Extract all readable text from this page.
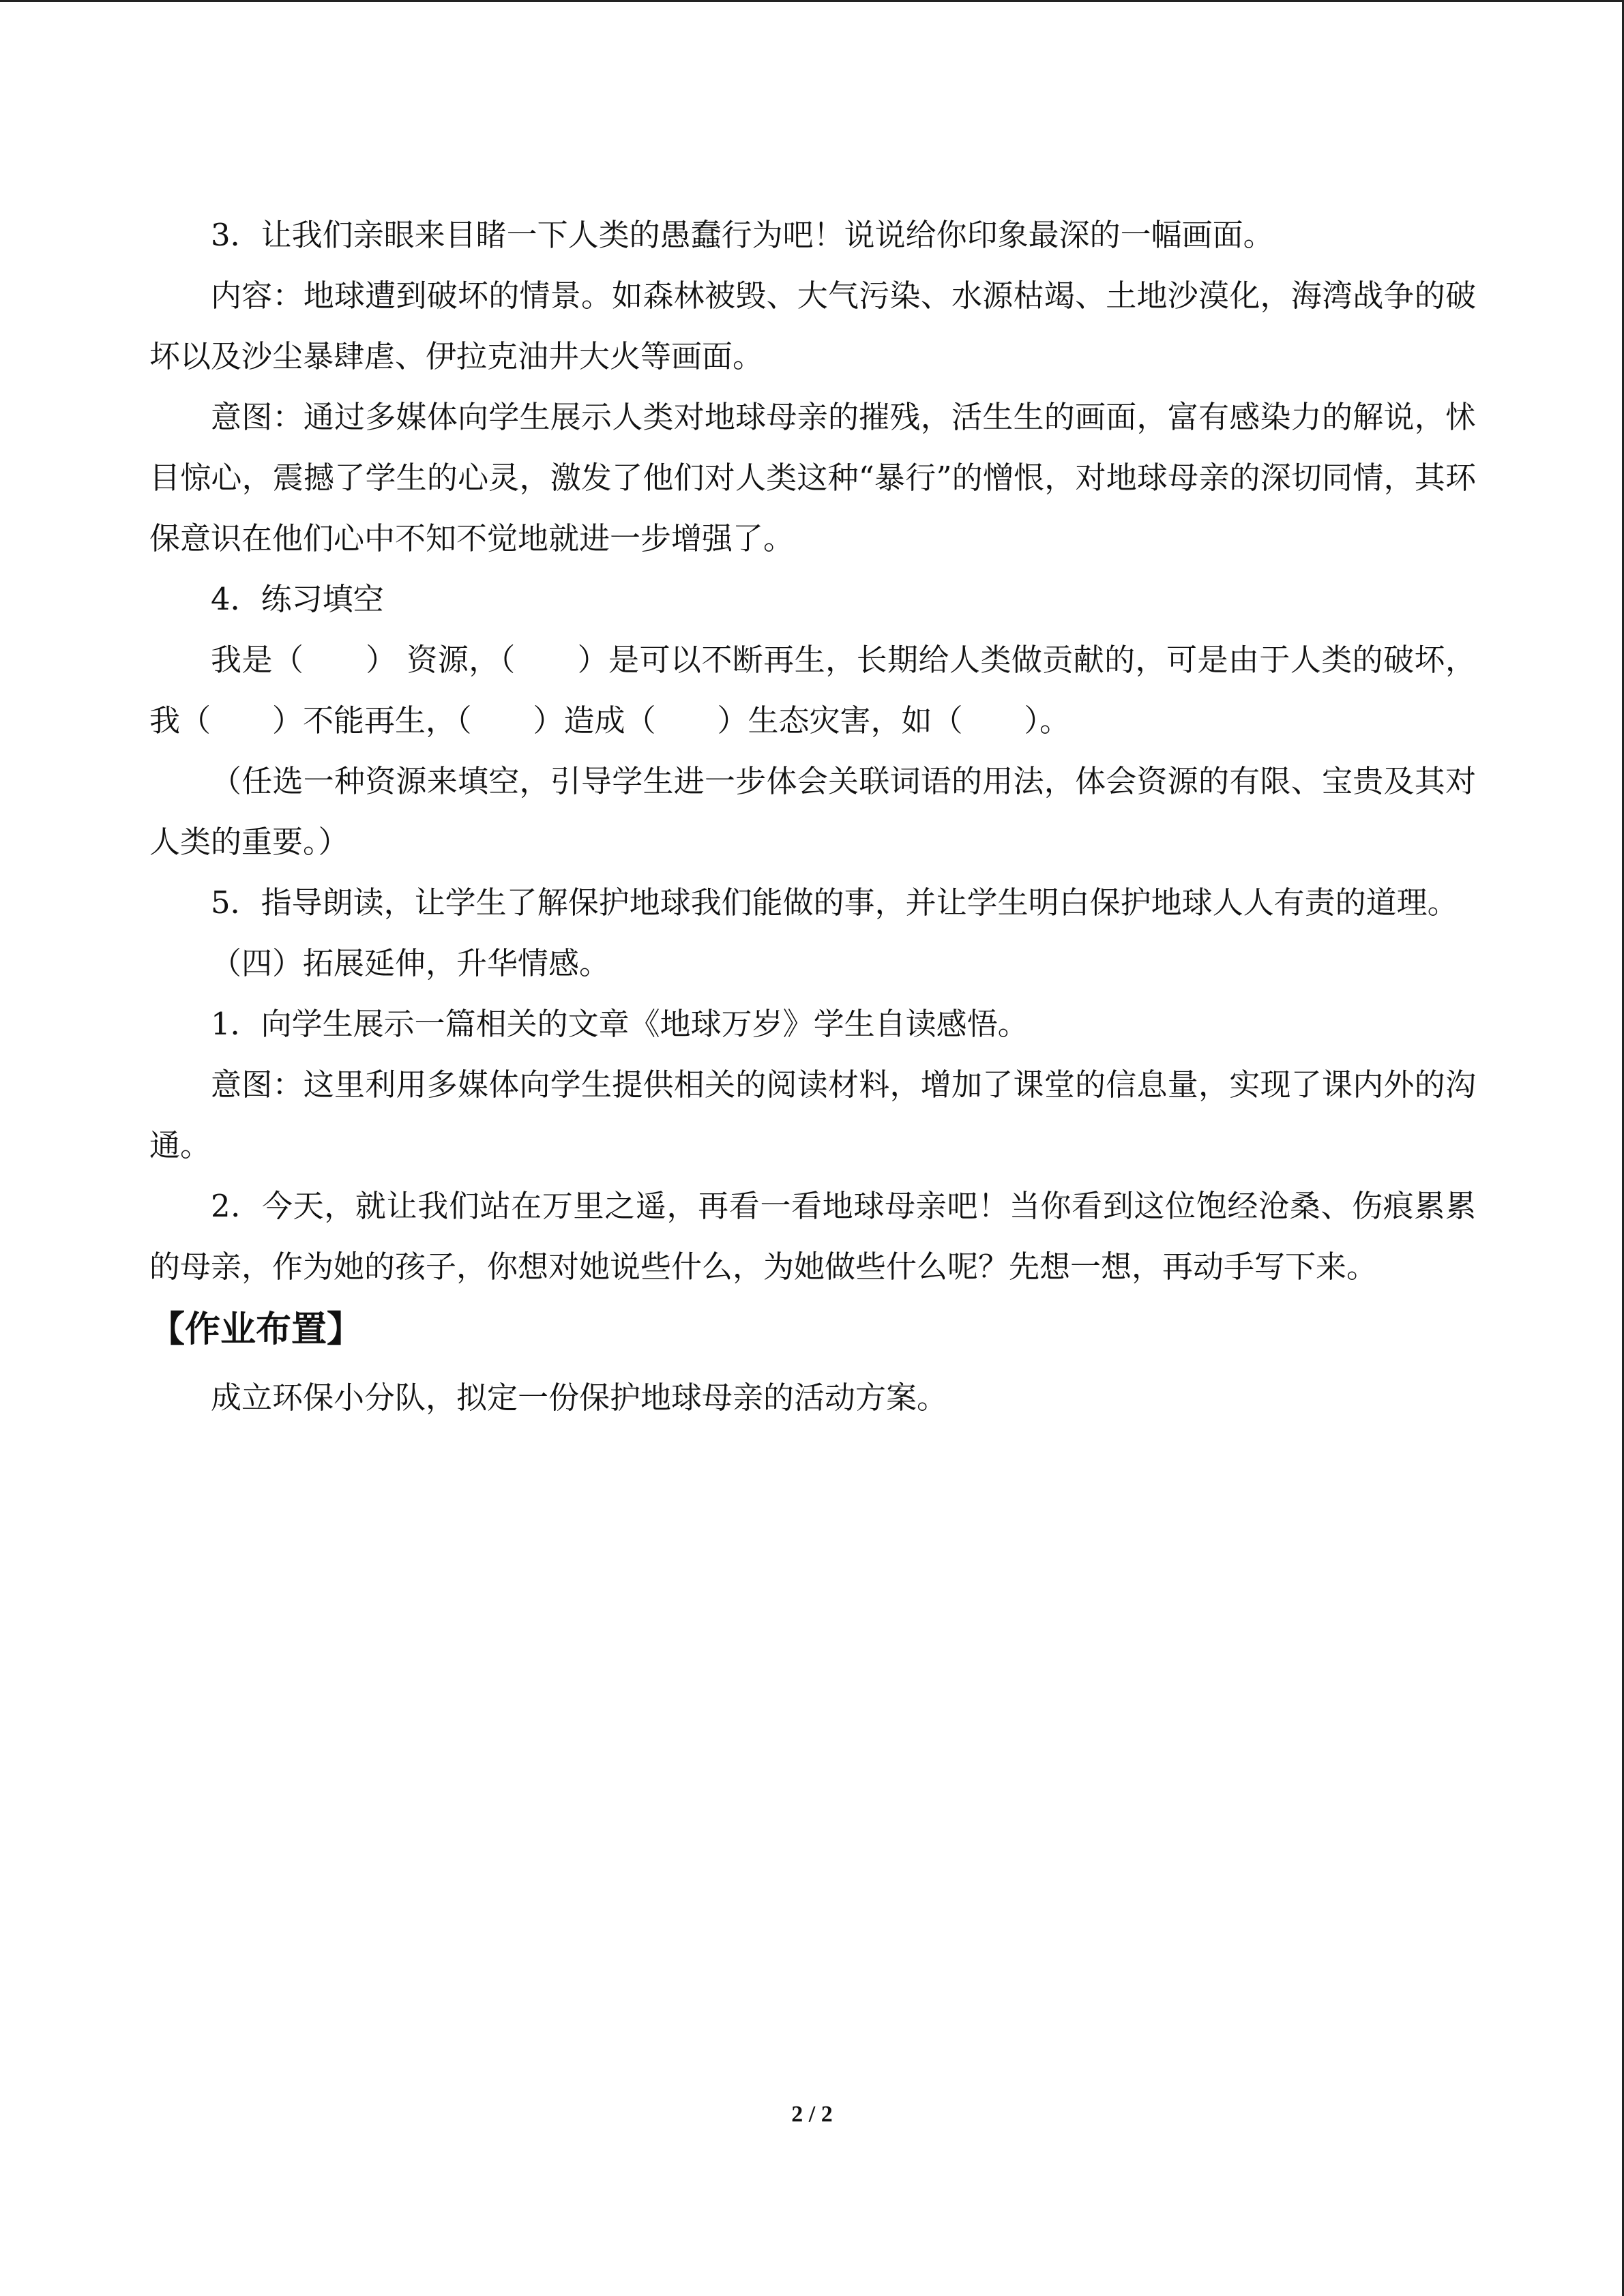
3．让我们亲眼来目睹一下人类的愚蠢行为吧！说说给你印象最深的一幅画面。

内容：地球遭到破坏的情景。如森林被毁、大气污染、水源枯竭、土地沙漠化，海湾战争的破坏以及沙尘暴肆虐、伊拉克油井大火等画面。

意图：通过多媒体向学生展示人类对地球母亲的摧残，活生生的画面，富有感染力的解说，怵目惊心，震撼了学生的心灵，激发了他们对人类这种“暴行”的憎恨，对地球母亲的深切同情，其环保意识在他们心中不知不觉地就进一步增强了。

4．练习填空

我是（　　） 资源，（　　）是可以不断再生，长期给人类做贡献的，可是由于人类的破坏，我（　　）不能再生，（　　）造成（　　）生态灾害，如（　　）。

（任选一种资源来填空，引导学生进一步体会关联词语的用法，体会资源的有限、宝贵及其对人类的重要。）

5．指导朗读，让学生了解保护地球我们能做的事，并让学生明白保护地球人人有责的道理。

（四）拓展延伸，升华情感。

1．向学生展示一篇相关的文章《地球万岁》学生自读感悟。

意图：这里利用多媒体向学生提供相关的阅读材料，增加了课堂的信息量，实现了课内外的沟通。

2．今天，就让我们站在万里之遥，再看一看地球母亲吧！当你看到这位饱经沧桑、伤痕累累的母亲，作为她的孩子，你想对她说些什么，为她做些什么呢？先想一想，再动手写下来。

【作业布置】

成立环保小分队，拟定一份保护地球母亲的活动方案。

2 / 2
